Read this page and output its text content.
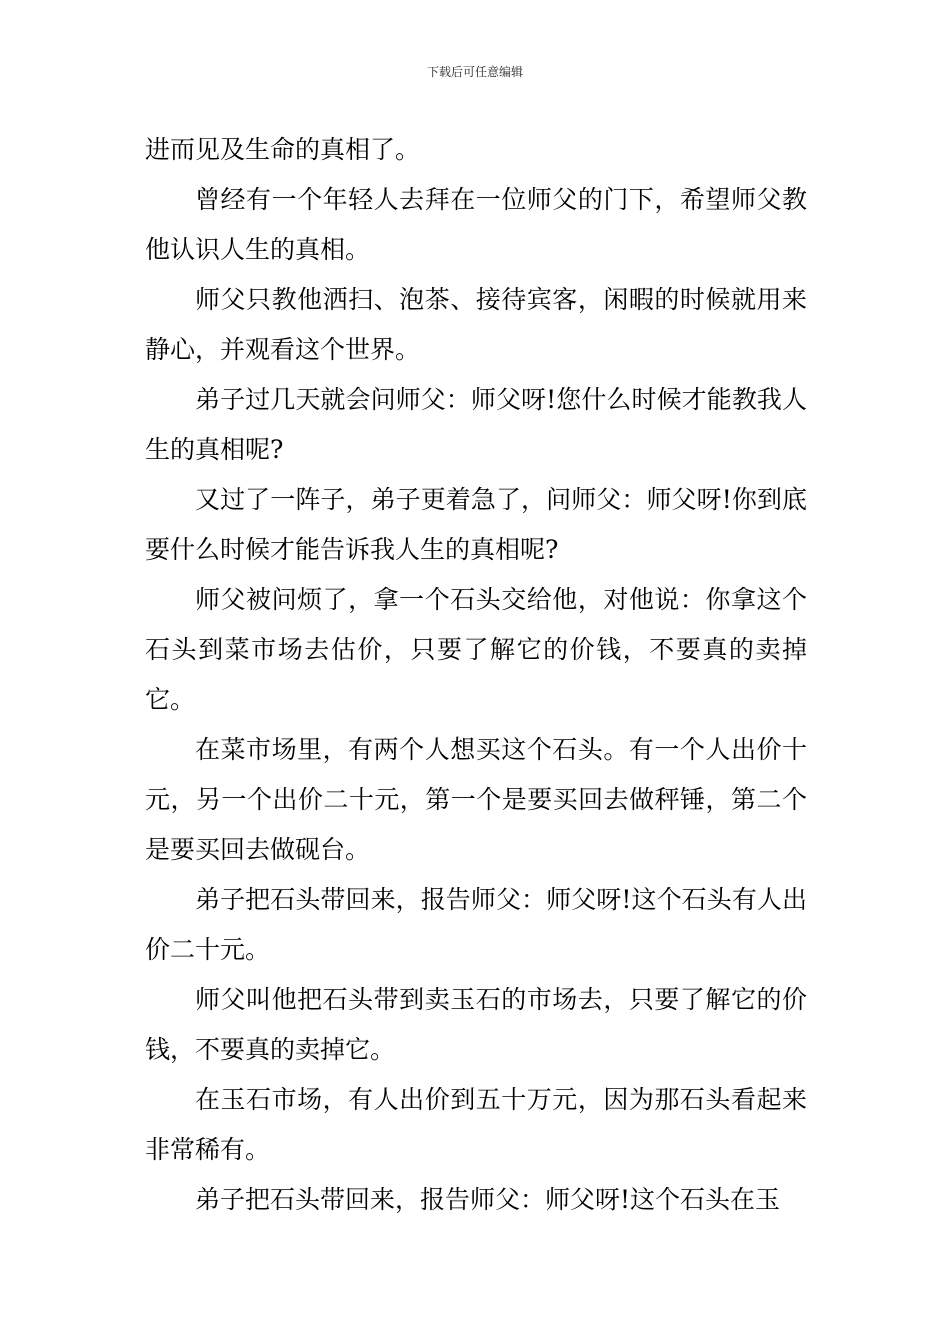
下载后可任意编辑

进而见及生命的真相了。

曾经有一个年轻人去拜在一位师父的门下，希望师父教他认识人生的真相。

师父只教他洒扫、泡茶、接待宾客，闲暇的时候就用来静心，并观看这个世界。

弟子过几天就会问师父：师父呀!您什么时候才能教我人生的真相呢?

又过了一阵子，弟子更着急了，问师父：师父呀!你到底要什么时候才能告诉我人生的真相呢?

师父被问烦了，拿一个石头交给他，对他说：你拿这个石头到菜市场去估价，只要了解它的价钱，不要真的卖掉它。

在菜市场里，有两个人想买这个石头。有一个人出价十元，另一个出价二十元，第一个是要买回去做秤锤，第二个是要买回去做砚台。

弟子把石头带回来，报告师父：师父呀!这个石头有人出价二十元。

师父叫他把石头带到卖玉石的市场去，只要了解它的价钱，不要真的卖掉它。

在玉石市场，有人出价到五十万元，因为那石头看起来非常稀有。

弟子把石头带回来，报告师父：师父呀!这个石头在玉
